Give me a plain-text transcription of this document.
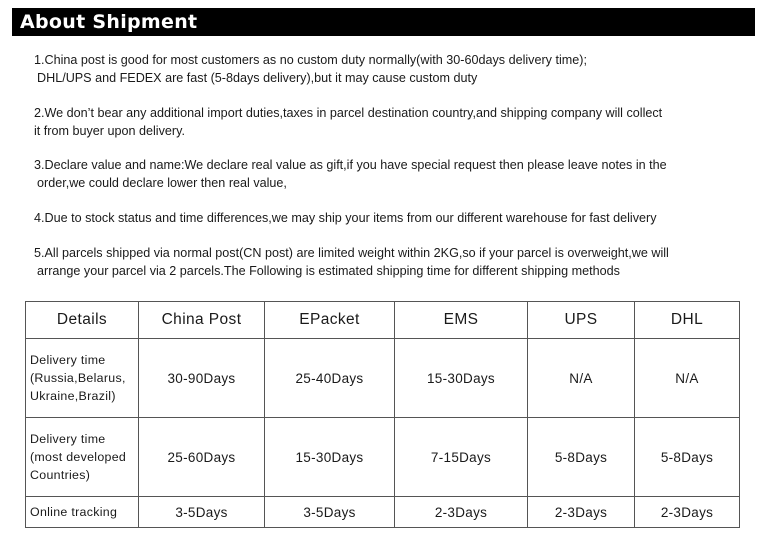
About Shipment
1.China post is good for most customers as no custom duty normally(with 30-60days delivery time);
DHL/UPS and FEDEX are fast (5-8days delivery),but it may cause custom duty
2.We don’t bear any additional import duties,taxes in parcel destination country,and shipping company will collect
it from buyer upon delivery.
3.Declare value and name:We declare real value as gift,if you have special request then please leave notes in the
order,we could declare lower then real value,
4.Due to stock status and time differences,we may ship your items from our different warehouse for fast delivery
5.All parcels shipped via normal post(CN post) are limited weight within 2KG,so if your parcel is overweight,we will
arrange your parcel via 2 parcels.The Following is estimated shipping time for different shipping methods
Details	China Post	EPacket	EMS	UPS	DHL

Delivery time
(Russia,Belarus,
Ukraine,Brazil)	30-90Days	25-40Days	15-30Days	N/A	N/A

Delivery time
(most developed
Countries)	25-60Days	15-30Days	7-15Days	5-8Days	5-8Days

Online tracking	3-5Days	3-5Days	2-3Days	2-3Days	2-3Days
